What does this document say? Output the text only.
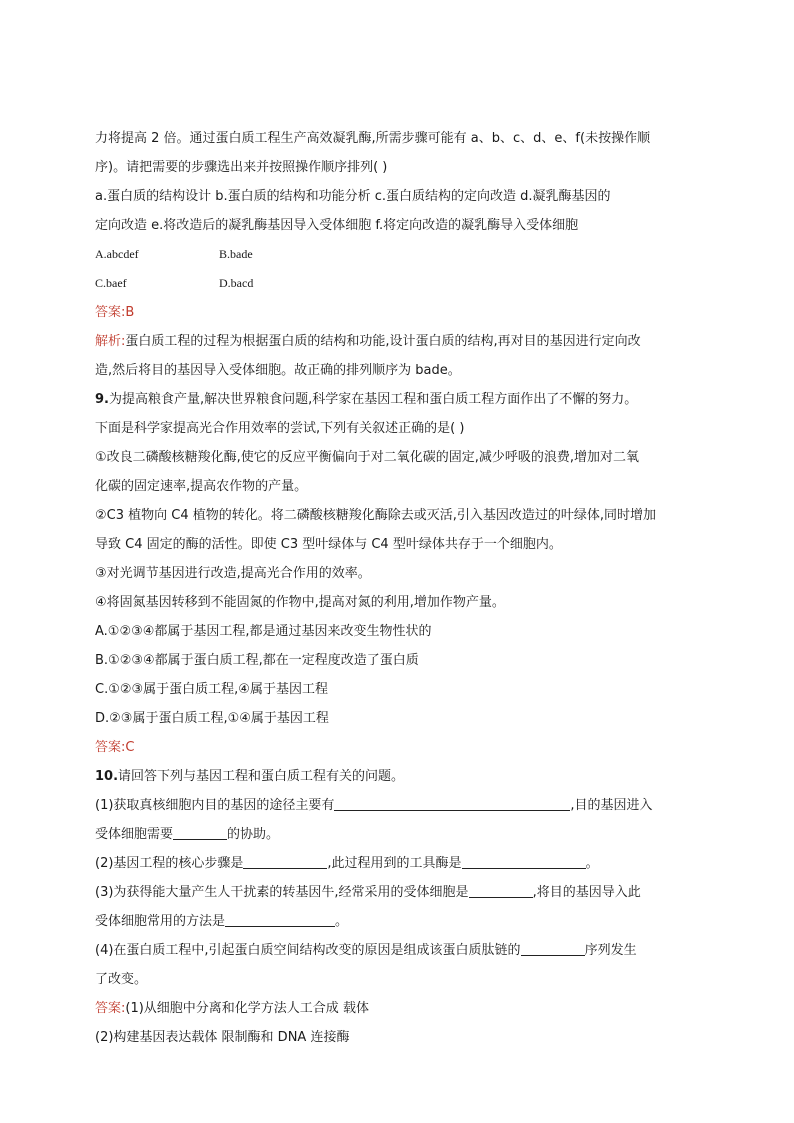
力将提高 2 倍。通过蛋白质工程生产高效凝乳酶,所需步骤可能有 a、b、c、d、e、f(未按操作顺
序)。请把需要的步骤选出来并按照操作顺序排列( )
a.蛋白质的结构设计 b.蛋白质的结构和功能分析 c.蛋白质结构的定向改造 d.凝乳酶基因的
定向改造 e.将改造后的凝乳酶基因导入受体细胞 f.将定向改造的凝乳酶导入受体细胞
A.abcdef	B.bade
C.baef	D.bacd
答案:B
解析:蛋白质工程的过程为根据蛋白质的结构和功能,设计蛋白质的结构,再对目的基因进行定向改
造,然后将目的基因导入受体细胞。故正确的排列顺序为 bade。
9.为提高粮食产量,解决世界粮食问题,科学家在基因工程和蛋白质工程方面作出了不懈的努力。
下面是科学家提高光合作用效率的尝试,下列有关叙述正确的是( )
①改良二磷酸核糖羧化酶,使它的反应平衡偏向于对二氧化碳的固定,减少呼吸的浪费,增加对二氧
化碳的固定速率,提高农作物的产量。
②C3 植物向 C4 植物的转化。将二磷酸核糖羧化酶除去或灭活,引入基因改造过的叶绿体,同时增加
导致 C4 固定的酶的活性。即使 C3 型叶绿体与 C4 型叶绿体共存于一个细胞内。
③对光调节基因进行改造,提高光合作用的效率。
④将固氮基因转移到不能固氮的作物中,提高对氮的利用,增加作物产量。
A.①②③④都属于基因工程,都是通过基因来改变生物性状的
B.①②③④都属于蛋白质工程,都在一定程度改造了蛋白质
C.①②③属于蛋白质工程,④属于基因工程
D.②③属于蛋白质工程,①④属于基因工程
答案:C
10.请回答下列与基因工程和蛋白质工程有关的问题。
(1)获取真核细胞内目的基因的途径主要有	,目的基因进入
受体细胞需要	的协助。
(2)基因工程的核心步骤是	,此过程用到的工具酶是	。
(3)为获得能大量产生人干扰素的转基因牛,经常采用的受体细胞是	,将目的基因导入此
受体细胞常用的方法是	。
(4)在蛋白质工程中,引起蛋白质空间结构改变的原因是组成该蛋白质肽链的	序列发生
了改变。
答案:(1)从细胞中分离和化学方法人工合成 载体
(2)构建基因表达载体 限制酶和 DNA 连接酶
